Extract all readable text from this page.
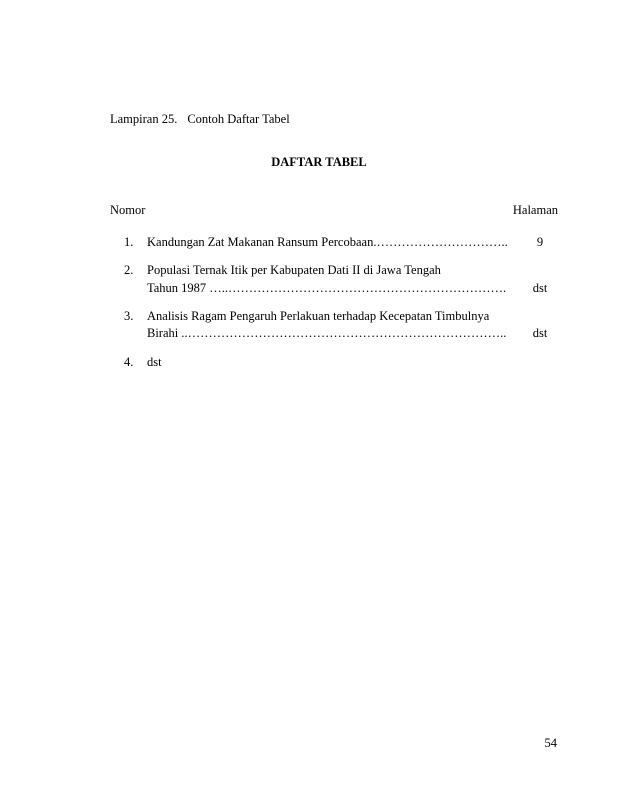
Lampiran 25. Contoh Daftar Tabel
DAFTAR TABEL
Nomor	Halaman
1.	Kandungan Zat Makanan Ransum Percobaan.…………………………..	9
2.	Populasi Ternak Itik per Kabupaten Dati II di Jawa Tengah
Tahun 1987 …..………………………………………………………….	dst
3.	Analisis Ragam Pengaruh Perlakuan terhadap Kecepatan Timbulnya
Birahi ..…………………………………………………………………..	dst
4.	dst
54
